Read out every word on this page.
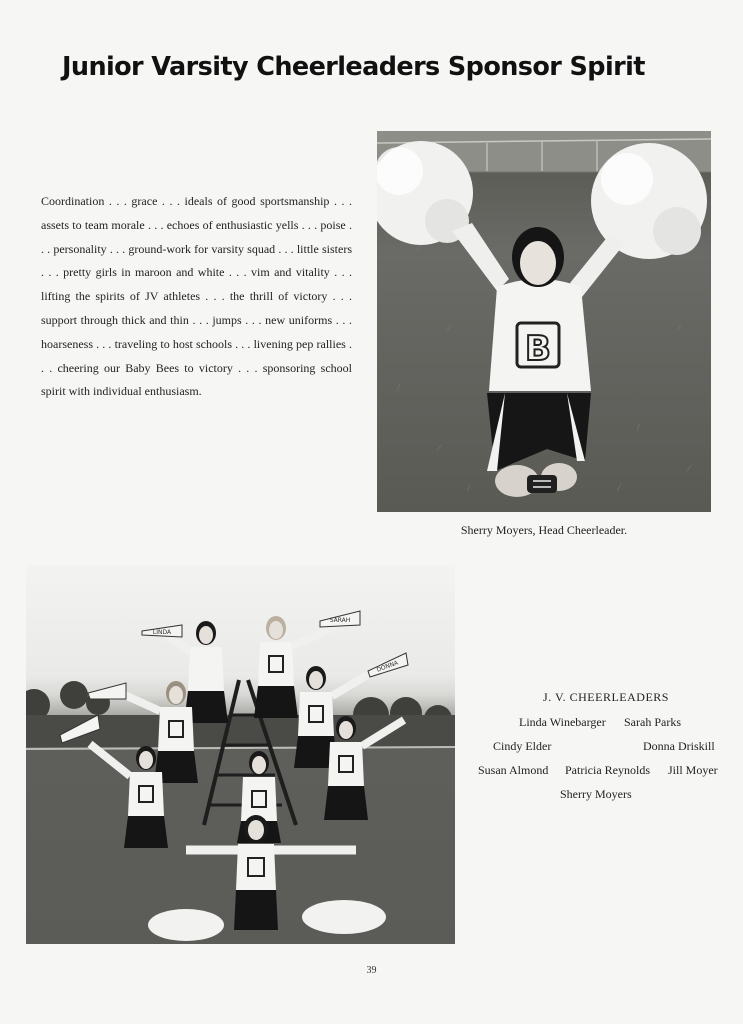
Junior Varsity Cheerleaders Sponsor Spirit
Coordination . . . grace . . . ideals of good sportsmanship . . . assets to team morale . . . echoes of enthusiastic yells . . . poise . . . personality . . . ground-work for varsity squad . . . little sisters . . . pretty girls in maroon and white . . . vim and vitality . . . lifting the spirits of JV athletes . . . the thrill of victory . . . support through thick and thin . . . jumps . . . new uniforms . . . hoarseness . . . traveling to host schools . . . livening pep rallies . . . cheering our Baby Bees to victory . . . sponsoring school spirit with individual enthusiasm.
B
Sherry Moyers, Head Cheerleader.
LINDA
SARAH
DONNA
J. V. CHEERLEADERS
Linda Winebarger Sarah Parks
Cindy Elder	Donna Driskill
Susan Almond Patricia Reynolds Jill Moyer
Sherry Moyers
39
